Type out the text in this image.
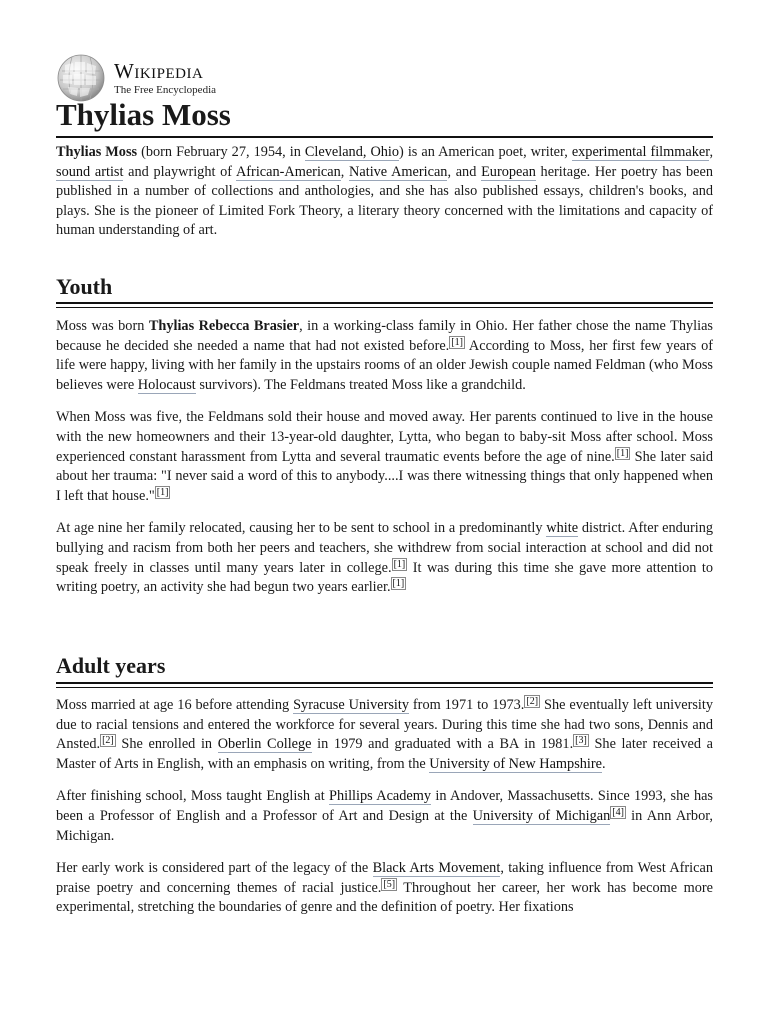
Wikipedia
The Free Encyclopedia
Thylias Moss

Thylias Moss (born February 27, 1954, in Cleveland, Ohio) is an American poet, writer, experimental filmmaker, sound artist and playwright of African-American, Native American, and European heritage. Her poetry has been published in a number of collections and anthologies, and she has also published essays, children's books, and plays. She is the pioneer of Limited Fork Theory, a literary theory concerned with the limitations and capacity of human understanding of art.

Youth

Moss was born Thylias Rebecca Brasier, in a working-class family in Ohio. Her father chose the name Thylias because he decided she needed a name that had not existed before. [1] According to Moss, her first few years of life were happy, living with her family in the upstairs rooms of an older Jewish couple named Feldman (who Moss believes were Holocaust survivors). The Feldmans treated Moss like a grandchild.

When Moss was five, the Feldmans sold their house and moved away. Her parents continued to live in the house with the new homeowners and their 13-year-old daughter, Lytta, who began to baby-sit Moss after school. Moss experienced constant harassment from Lytta and several traumatic events before the age of nine. [1] She later said about her trauma: "I never said a word of this to anybody....I was there witnessing things that only happened when I left that house." [1]

At age nine her family relocated, causing her to be sent to school in a predominantly white district. After enduring bullying and racism from both her peers and teachers, she withdrew from social interaction at school and did not speak freely in classes until many years later in college. [1] It was during this time she gave more attention to writing poetry, an activity she had begun two years earlier. [1]

Adult years

Moss married at age 16 before attending Syracuse University from 1971 to 1973. [2] She eventually left university due to racial tensions and entered the workforce for several years. During this time she had two sons, Dennis and Ansted. [2] She enrolled in Oberlin College in 1979 and graduated with a BA in 1981. [3] She later received a Master of Arts in English, with an emphasis on writing, from the University of New Hampshire.

After finishing school, Moss taught English at Phillips Academy in Andover, Massachusetts. Since 1993, she has been a Professor of English and a Professor of Art and Design at the University of Michigan [4] in Ann Arbor, Michigan.

Her early work is considered part of the legacy of the Black Arts Movement, taking influence from West African praise poetry and concerning themes of racial justice. [5] Throughout her career, her work has become more experimental, stretching the boundaries of genre and the definition of poetry. Her fixations
